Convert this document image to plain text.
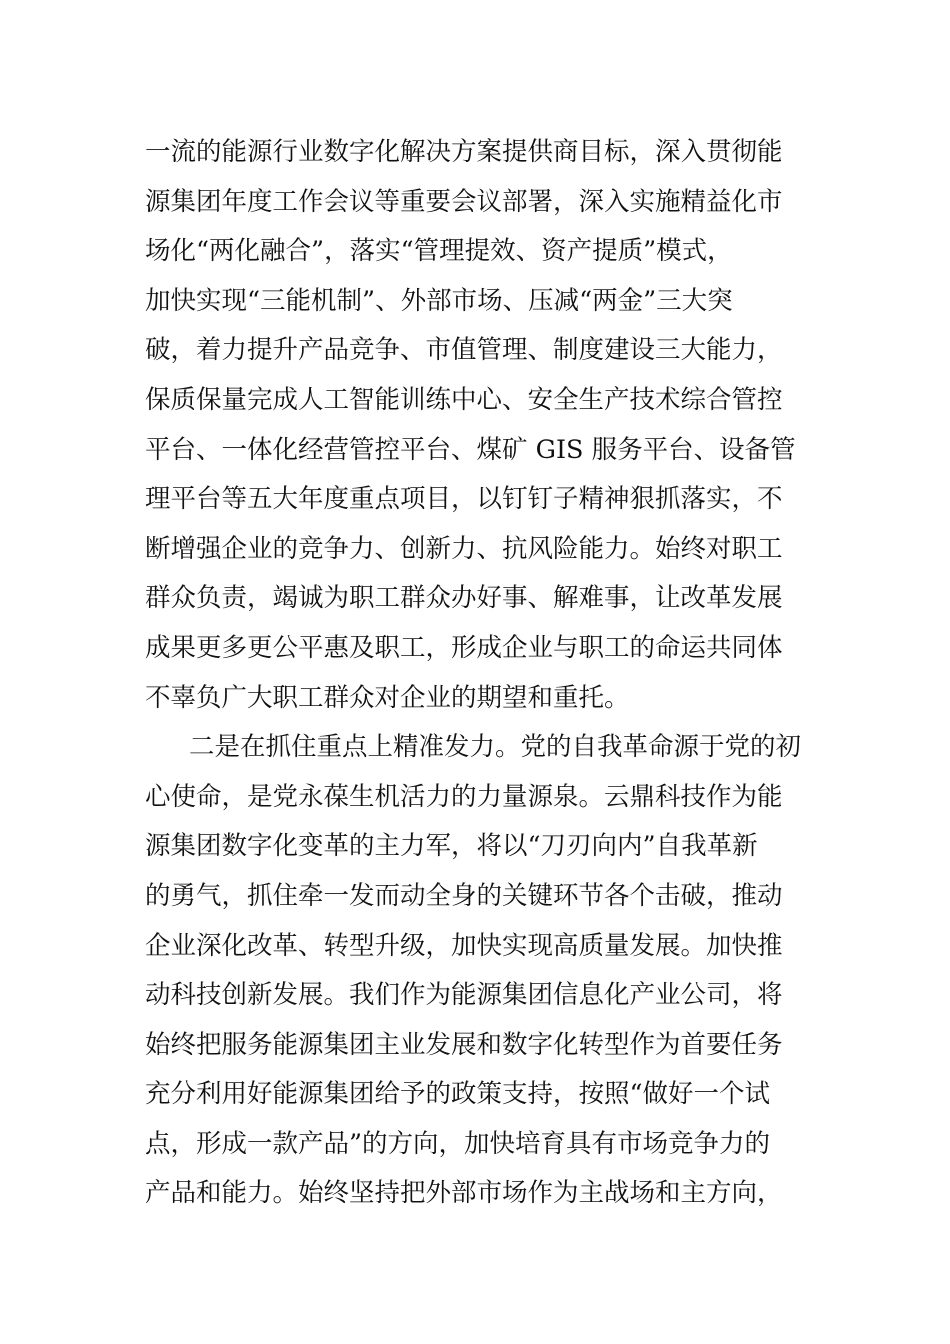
一流的能源行业数字化解决方案提供商目标，深入贯彻能
源集团年度工作会议等重要会议部署，深入实施精益化市
场化“两化融合”，落实“管理提效、资产提质”模式，
加快实现“三能机制”、外部市场、压减“两金”三大突
破，着力提升产品竞争、市值管理、制度建设三大能力，
保质保量完成人工智能训练中心、安全生产技术综合管控
平台、一体化经营管控平台、煤矿 GIS 服务平台、设备管
理平台等五大年度重点项目，以钉钉子精神狠抓落实，不
断增强企业的竞争力、创新力、抗风险能力。始终对职工
群众负责，竭诚为职工群众办好事、解难事，让改革发展
成果更多更公平惠及职工，形成企业与职工的命运共同体
不辜负广大职工群众对企业的期望和重托。
二是在抓住重点上精准发力。党的自我革命源于党的初
心使命，是党永葆生机活力的力量源泉。云鼎科技作为能
源集团数字化变革的主力军，将以“刀刃向内”自我革新
的勇气，抓住牵一发而动全身的关键环节各个击破，推动
企业深化改革、转型升级，加快实现高质量发展。加快推
动科技创新发展。我们作为能源集团信息化产业公司，将
始终把服务能源集团主业发展和数字化转型作为首要任务
充分利用好能源集团给予的政策支持，按照“做好一个试
点，形成一款产品”的方向，加快培育具有市场竞争力的
产品和能力。始终坚持把外部市场作为主战场和主方向，
